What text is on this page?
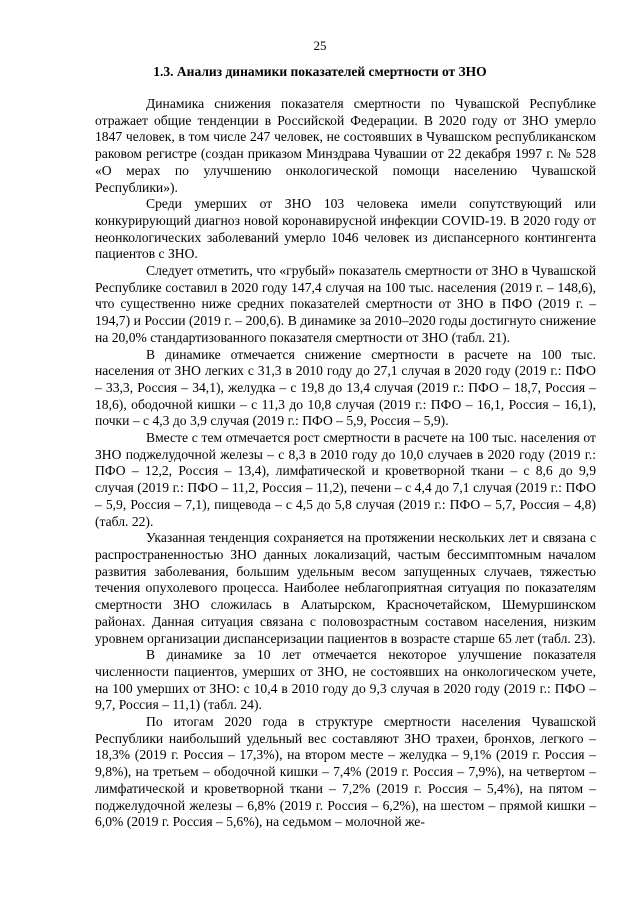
25
1.3. Анализ динамики показателей смертности от ЗНО

Динамика снижения показателя смертности по Чувашской Республике отражает общие тенденции в Российской Федерации. В 2020 году от ЗНО умерло 1847 человек, в том числе 247 человек, не состоявших в Чувашском республиканском раковом регистре (создан приказом Минздрава Чувашии от 22 декабря 1997 г. № 528 «О мерах по улучшению онкологической помощи населению Чувашской Республики»).

Среди умерших от ЗНО 103 человека имели сопутствующий или конкурирующий диагноз новой коронавирусной инфекции COVID-19. В 2020 году от неонкологических заболеваний умерло 1046 человек из диспансерного контингента пациентов с ЗНО.

Следует отметить, что «грубый» показатель смертности от ЗНО в Чувашской Республике составил в 2020 году 147,4 случая на 100 тыс. населения (2019 г. – 148,6), что существенно ниже средних показателей смертности от ЗНО в ПФО (2019 г. – 194,7) и России (2019 г. – 200,6). В динамике за 2010–2020 годы достигнуто снижение на 20,0% стандартизованного показателя смертности от ЗНО (табл. 21).

В динамике отмечается снижение смертности в расчете на 100 тыс. населения от ЗНО легких с 31,3 в 2010 году до 27,1 случая в 2020 году (2019 г.: ПФО – 33,3, Россия – 34,1), желудка – с 19,8 до 13,4 случая (2019 г.: ПФО – 18,7, Россия – 18,6), ободочной кишки – с 11,3 до 10,8 случая (2019 г.: ПФО – 16,1, Россия – 16,1), почки – с 4,3 до 3,9 случая (2019 г.: ПФО – 5,9, Россия – 5,9).

Вместе с тем отмечается рост смертности в расчете на 100 тыс. населения от ЗНО поджелудочной железы – с 8,3 в 2010 году до 10,0 случаев в 2020 году (2019 г.: ПФО – 12,2, Россия – 13,4), лимфатической и кроветворной ткани – с 8,6 до 9,9 случая (2019 г.: ПФО – 11,2, Россия – 11,2), печени – с 4,4 до 7,1 случая (2019 г.: ПФО – 5,9, Россия – 7,1), пищевода – с 4,5 до 5,8 случая (2019 г.: ПФО – 5,7, Россия – 4,8) (табл. 22).

Указанная тенденция сохраняется на протяжении нескольких лет и связана с распространенностью ЗНО данных локализаций, частым бессимптомным началом развития заболевания, большим удельным весом запущенных случаев, тяжестью течения опухолевого процесса. Наиболее неблагоприятная ситуация по показателям смертности ЗНО сложилась в Алатырском, Красночетайском, Шемуршинском районах. Данная ситуация связана с половозрастным составом населения, низким уровнем организации диспансеризации пациентов в возрасте старше 65 лет (табл. 23).

В динамике за 10 лет отмечается некоторое улучшение показателя численности пациентов, умерших от ЗНО, не состоявших на онкологическом учете, на 100 умерших от ЗНО: с 10,4 в 2010 году до 9,3 случая в 2020 году (2019 г.: ПФО – 9,7, Россия – 11,1) (табл. 24).

По итогам 2020 года в структуре смертности населения Чувашской Республики наибольший удельный вес составляют ЗНО трахеи, бронхов, легкого – 18,3% (2019 г. Россия – 17,3%), на втором месте – желудка – 9,1% (2019 г. Россия – 9,8%), на третьем – ободочной кишки – 7,4% (2019 г. Россия – 7,9%), на четвертом – лимфатической и кроветворной ткани – 7,2% (2019 г. Россия – 5,4%), на пятом – поджелудочной железы – 6,8% (2019 г. Россия – 6,2%), на шестом – прямой кишки – 6,0% (2019 г. Россия – 5,6%), на седьмом – молочной же-
